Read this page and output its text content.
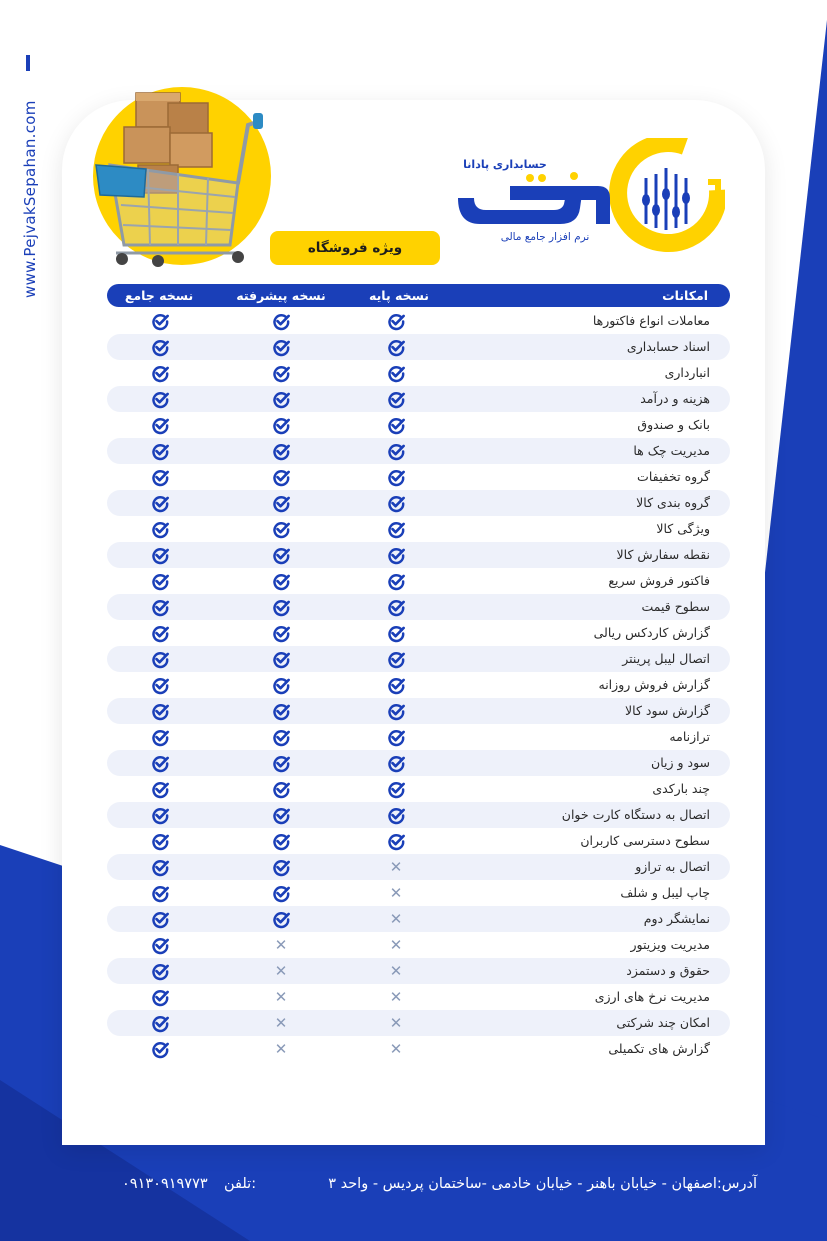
www.PejvakSepahan.com	حسابداری پادانا
نرم افزار جامع مالی
ویژه فروشگاه
امکانات
نسخه پایه
نسخه پیشرفته
نسخه جامع
معاملات انواع فاکتورها
اسناد حسابداری
انبارداری
هزینه و درآمد
بانک و صندوق
مدیریت چک ها
گروه تخفیفات
گروه بندی کالا
ویژگی کالا
نقطه سفارش کالا
فاکتور فروش سریع
سطوح قیمت
گزارش کاردکس ریالی
اتصال لیبل پرینتر
گزارش فروش روزانه
گزارش سود کالا
ترازنامه
سود و زیان
چند بارکدی
اتصال به دستگاه کارت خوان
سطوح دسترسی کاربران
اتصال به ترازو
✕
چاپ لیبل و شلف
✕
نمایشگر دوم
✕
مدیریت ویزیتور
✕
✕
حقوق و دستمزد
✕
✕
مدیریت نرخ های ارزی
✕
✕
امکان چند شرکتی
✕
✕
گزارش های تکمیلی
✕
✕
آدرس:اصفهان - خیابان باهنر - خیابان خادمی -ساختمان پردیس - واحد ۳
تلفن:
۰۹۱۳۰۹۱۹۷۷۳
